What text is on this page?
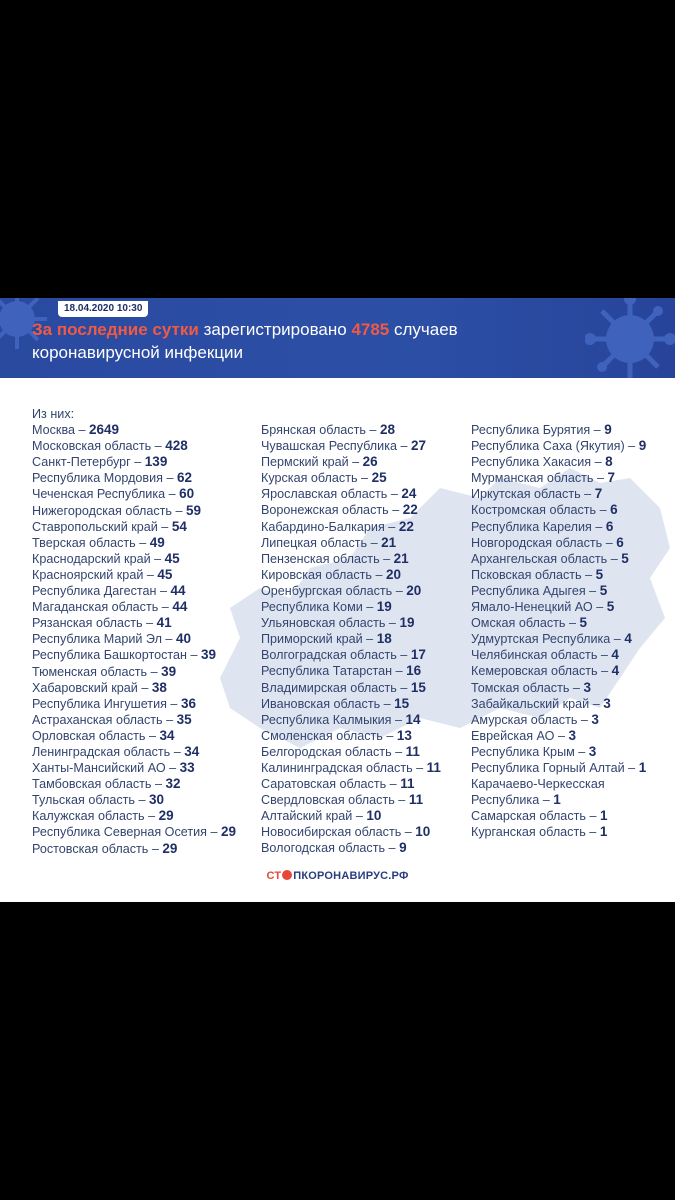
18.04.2020 10:30
За последние сутки зарегистрировано 4785 случаев
коронавирусной инфекции
Из них:
Москва – 2649
Московская область – 428
Санкт-Петербург – 139
Республика Мордовия – 62
Чеченская Республика – 60
Нижегородская область – 59
Ставропольский край – 54
Тверская область – 49
Краснодарский край – 45
Красноярский край – 45
Республика Дагестан – 44
Магаданская область – 44
Рязанская область – 41
Республика Марий Эл – 40
Республика Башкортостан – 39
Тюменская область – 39
Хабаровский край – 38
Республика Ингушетия – 36
Астраханская область – 35
Орловская область – 34
Ленинградская область – 34
Ханты-Мансийский АО – 33
Тамбовская область – 32
Тульская область – 30
Калужская область – 29
Республика Северная Осетия – 29
Ростовская область – 29
Брянская область – 28
Чувашская Республика – 27
Пермский край – 26
Курская область – 25
Ярославская область – 24
Воронежская область – 22
Кабардино-Балкария – 22
Липецкая область – 21
Пензенская область – 21
Кировская область – 20
Оренбургская область – 20
Республика Коми – 19
Ульяновская область – 19
Приморский край – 18
Волгоградская область – 17
Республика Татарстан – 16
Владимирская область – 15
Ивановская область – 15
Республика Калмыкия – 14
Смоленская область – 13
Белгородская область – 11
Калининградская область – 11
Саратовская область – 11
Свердловская область – 11
Алтайский край – 10
Новосибирская область – 10
Вологодская область – 9
Республика Бурятия – 9
Республика Саха (Якутия) – 9
Республика Хакасия – 8
Мурманская область – 7
Иркутская область – 7
Костромская область – 6
Республика Карелия – 6
Новгородская область – 6
Архангельская область – 5
Псковская область – 5
Республика Адыгея – 5
Ямало-Ненецкий АО – 5
Омская область – 5
Удмуртская Республика – 4
Челябинская область – 4
Кемеровская область – 4
Томская область – 3
Забайкальский край – 3
Амурская область – 3
Еврейская АО – 3
Республика Крым – 3
Республика Горный Алтай – 1
Карачаево-Черкесская
Республика – 1
Самарская область – 1
Курганская область – 1
СТ ПКОРОНАВИРУС.РФ
